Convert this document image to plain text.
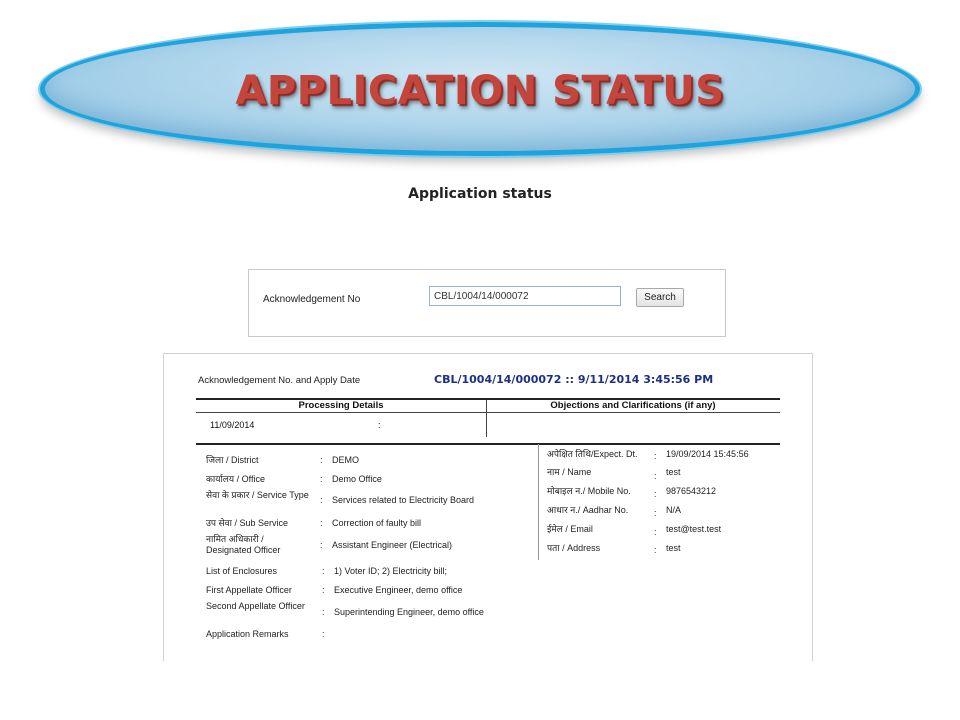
APPLICATION STATUS
Application status
Acknowledgement No
CBL/1004/14/000072	Search
Acknowledgement No. and Apply Date	CBL/1004/14/000072 :: 9/11/2014 3:45:56 PM
Processing Details	Objections and Clarifications (if any)
11/09/2014	:
जिला / District	: DEMO
कार्यालय / Office	: Demo Office
सेवा के प्रकार / Service Type : Services related to Electricity Board
उप सेवा / Sub Service	: Correction of faulty bill
नामित अधिकारी / Designated Officer	: Assistant Engineer (Electrical)
अपेक्षित तिथि/Expect. Dt. : 19/09/2014 15:45:56
नाम / Name	: test
मोबाइल न./ Mobile No.	: 9876543212
आधार न./ Aadhar No.	: N/A
ईमेल / Email	: test@test.test
पता / Address	: test
List of Enclosures	: 1) Voter ID; 2) Electricity bill;
First Appellate Officer	: Executive Engineer, demo office
Second Appellate Officer
: Superintending Engineer, demo office
Application Remarks	:
